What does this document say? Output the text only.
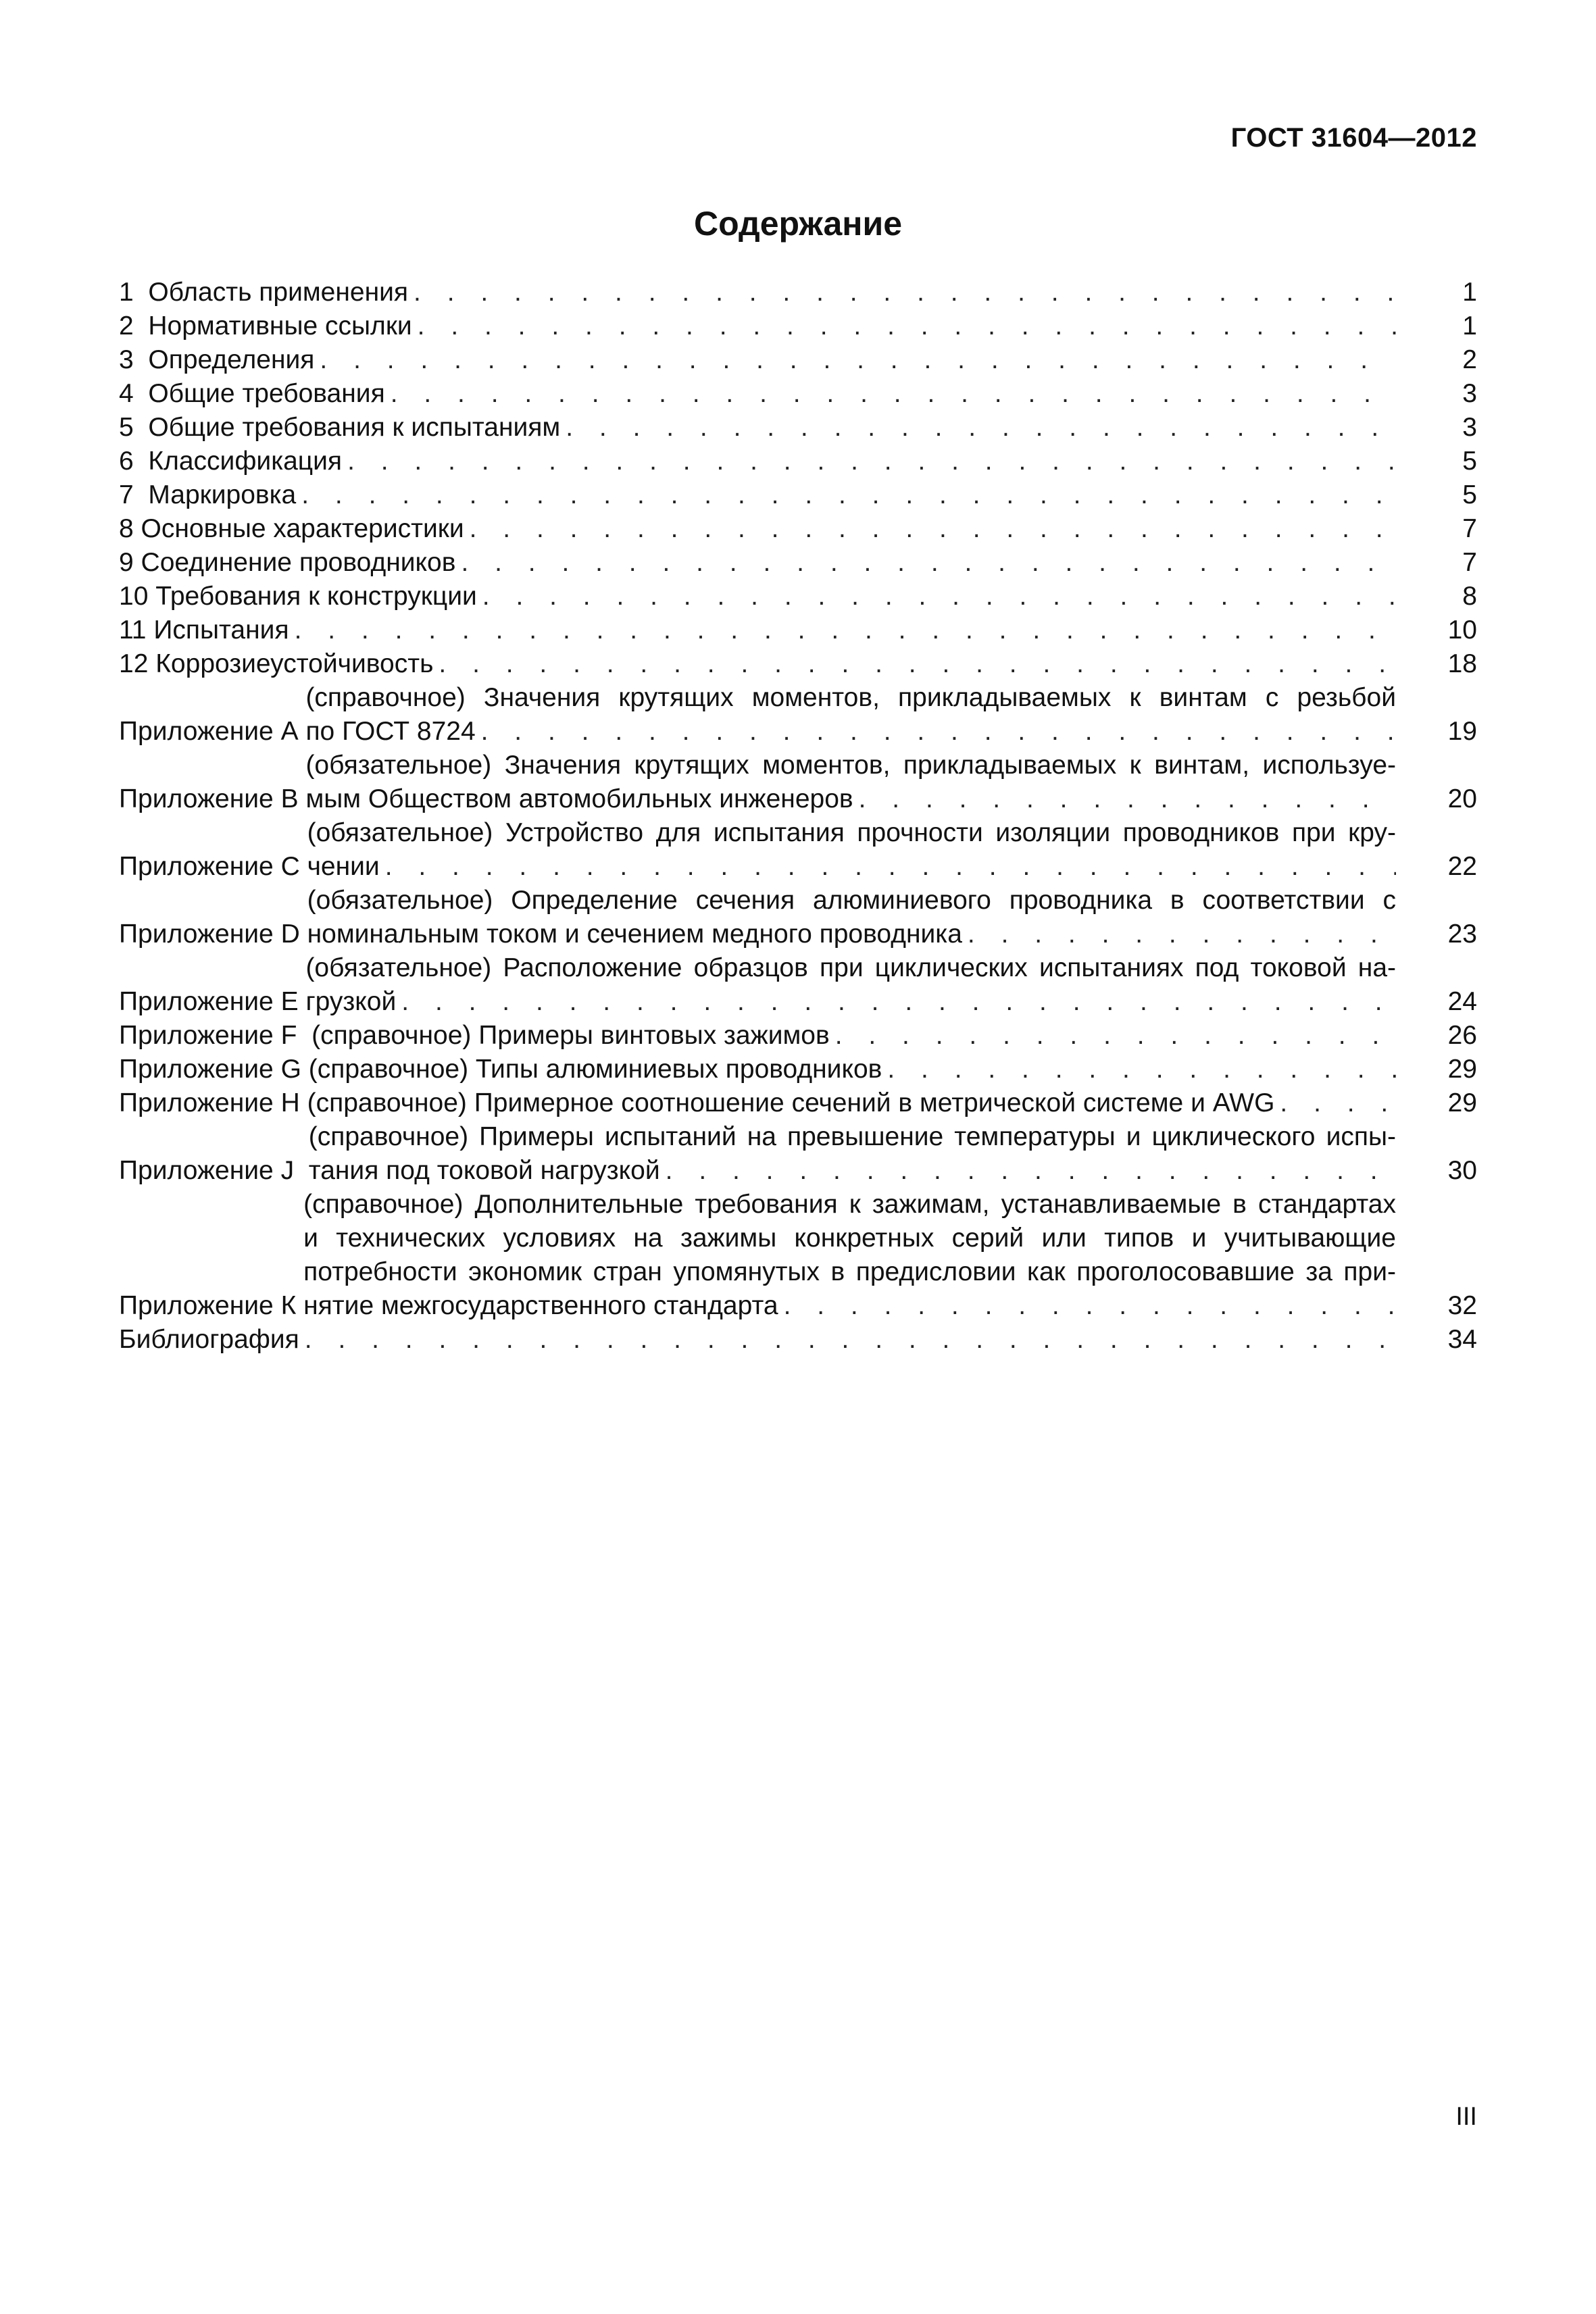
ГОСТ 31604—2012
Содержание
1 Область применения . . .	1
2 Нормативные ссылки . . .	1
3 Определения . . .	2
4 Общие требования . . .	3
5 Общие требования к испытаниям . . .	3
6 Классификация . . .	5
7 Маркировка . . .	5
8 Основные характеристики . . .	7
9 Соединение проводников . . .	7
10 Требования к конструкции . . .	8
11 Испытания . . .	10
12 Коррозиеустойчивость . . .	18
Приложение А
(справочное) Значения крутящих моментов, прикладываемых к винтам с резьбой
по ГОСТ 8724 . . .	19
Приложение В
(обязательное) Значения крутящих моментов, прикладываемых к винтам, используе-
мым Обществом автомобильных инженеров . . .	20
Приложение С
(обязательное) Устройство для испытания прочности изоляции проводников при кру-
чении . . .	22
Приложение D
(обязательное) Определение сечения алюминиевого проводника в соответствии с
номинальным током и сечением медного проводника . . .	23
Приложение Е
(обязательное) Расположение образцов при циклических испытаниях под токовой на-
грузкой . . .	24
Приложение F (справочное) Примеры винтовых зажимов . . .	26
Приложение G (справочное) Типы алюминиевых проводников . . .	29
Приложение Н (справочное) Примерное соотношение сечений в метрической системе и AWG . . .	29
Приложение J
(справочное) Примеры испытаний на превышение температуры и циклического испы-
тания под токовой нагрузкой . . .	30
Приложение К
(справочное) Дополнительные требования к зажимам, устанавливаемые в стандартах
и технических условиях на зажимы конкретных серий или типов и учитывающие
потребности экономик стран упомянутых в предисловии как проголосовавшие за при-
нятие межгосударственного стандарта . . .	32
Библиография . . .	34
III
